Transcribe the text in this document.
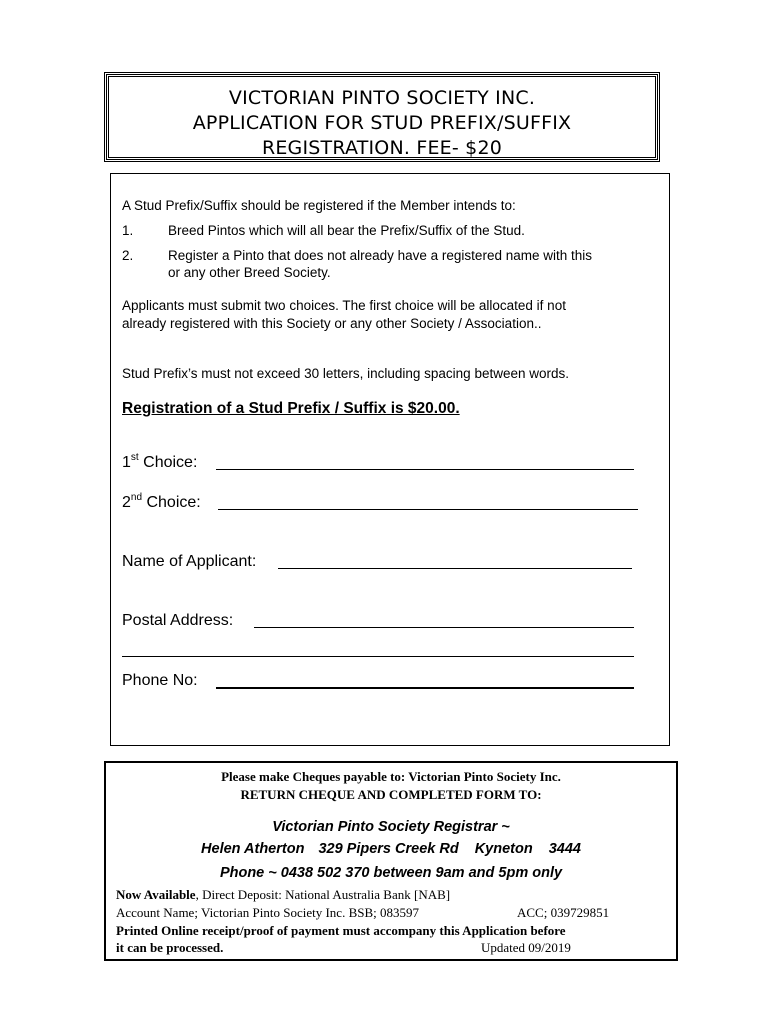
VICTORIAN PINTO SOCIETY INC.
APPLICATION FOR STUD PREFIX/SUFFIX
REGISTRATION. FEE- $20
A Stud Prefix/Suffix should be registered if the Member intends to:
1.	Breed Pintos which will all bear the Prefix/Suffix of the Stud.
2.	Register a Pinto that does not already have a registered name with this
or any other Breed Society.
Applicants must submit two choices. The first choice will be allocated if not
already registered with this Society or any other Society / Association..
Stud Prefix’s must not exceed 30 letters, including spacing between words.
Registration of a Stud Prefix / Suffix is $20.00.
1st Choice:
2nd Choice:
Name of Applicant:
Postal Address:
Phone No:
Please make Cheques payable to: Victorian Pinto Society Inc.
RETURN CHEQUE AND COMPLETED FORM TO:
Victorian Pinto Society Registrar ~
Helen Atherton 329 Pipers Creek Rd Kyneton 3444
Phone ~ 0438 502 370 between 9am and 5pm only
Now Available, Direct Deposit: National Australia Bank [NAB]
Account Name; Victorian Pinto Society Inc. BSB; 083597	ACC; 039729851
Printed Online receipt/proof of payment must accompany this Application before
it can be processed.	Updated 09/2019
